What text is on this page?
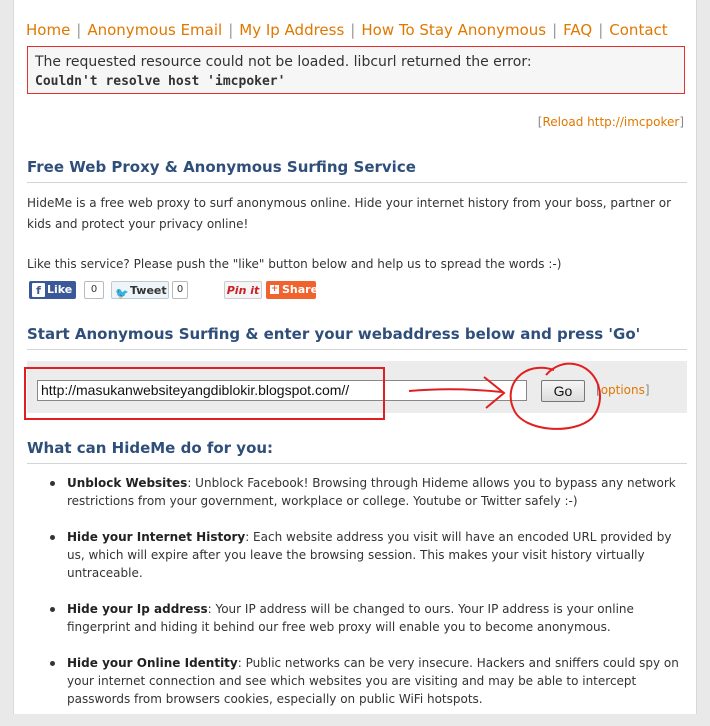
Home | Anonymous Email | My Ip Address | How To Stay Anonymous | FAQ | Contact
The requested resource could not be loaded. libcurl returned the error:
Couldn't resolve host 'imcpoker'
[Reload http://imcpoker]
Free Web Proxy & Anonymous Surfing Service
HideMe is a free web proxy to surf anonymous online. Hide your internet history from your boss, partner or kids and protect your privacy online!
Like this service? Please push the "like" button below and help us to spread the words :-)
f Like	0	🐦 Tweet	0	Pin it	+ Share
Start Anonymous Surfing & enter your webaddress below and press 'Go'
http://masukanwebsiteyangdiblokir.blogspot.com//	Go	[options]
What can HideMe do for you:
Unblock Websites: Unblock Facebook! Browsing through Hideme allows you to bypass any network restrictions from your government, workplace or college. Youtube or Twitter safely :-)
Hide your Internet History: Each website address you visit will have an encoded URL provided by us, which will expire after you leave the browsing session. This makes your visit history virtually untraceable.
Hide your Ip address: Your IP address will be changed to ours. Your IP address is your online fingerprint and hiding it behind our free web proxy will enable you to become anonymous.
Hide your Online Identity: Public networks can be very insecure. Hackers and sniffers could spy on your internet connection and see which websites you are visiting and may be able to intercept passwords from browsers cookies, especially on public WiFi hotspots.
